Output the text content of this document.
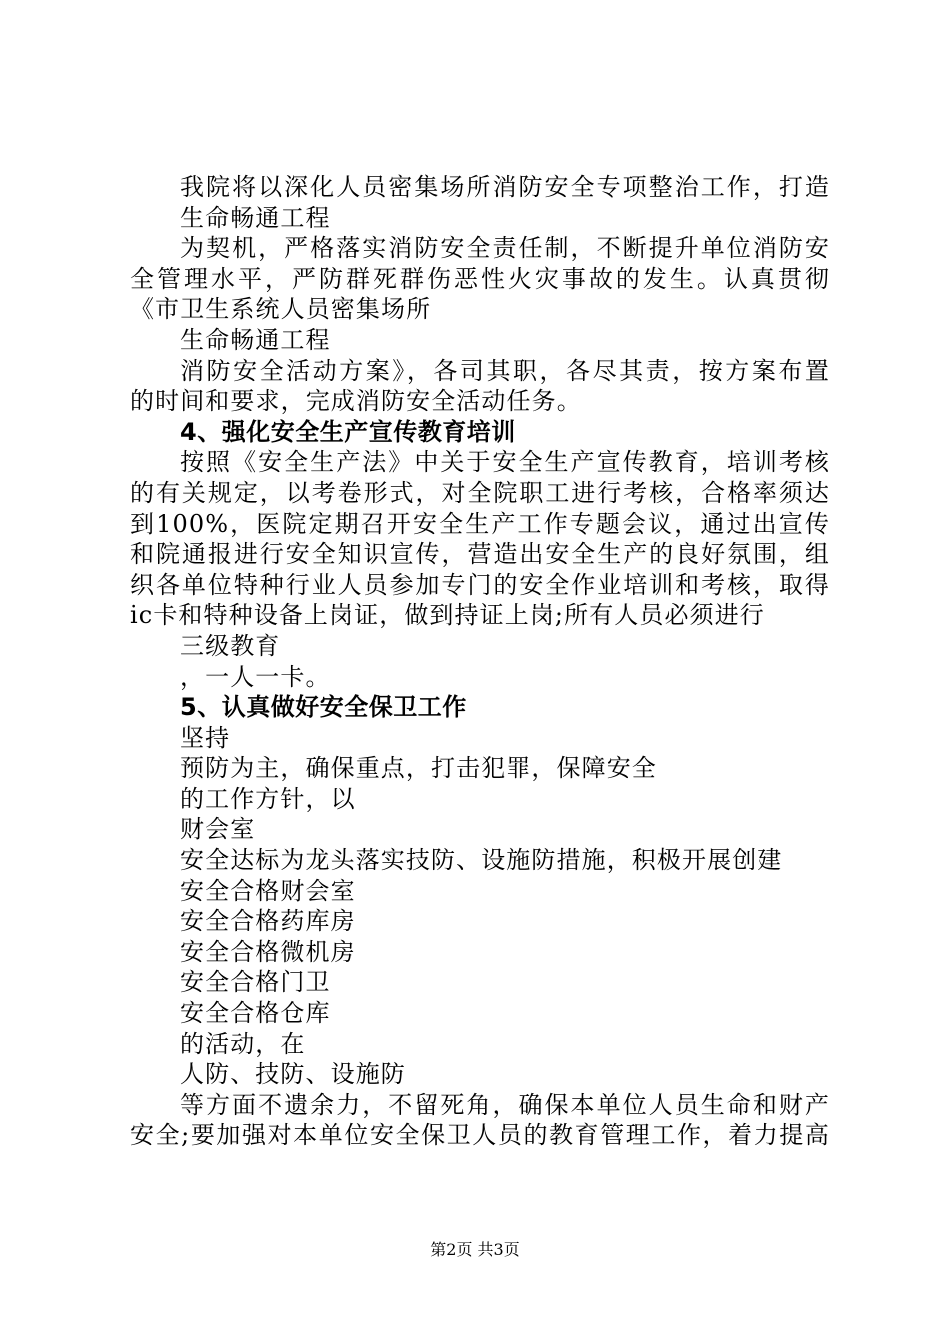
我院将以深化人员密集场所消防安全专项整治工作，打造
生命畅通工程
为契机，严格落实消防安全责任制，不断提升单位消防安
全管理水平，严防群死群伤恶性火灾事故的发生。认真贯彻
《市卫生系统人员密集场所
生命畅通工程
消防安全活动方案》，各司其职，各尽其责，按方案布置
的时间和要求，完成消防安全活动任务。
4、强化安全生产宣传教育培训
按照《安全生产法》中关于安全生产宣传教育，培训考核
的有关规定，以考卷形式，对全院职工进行考核，合格率须达
到100%，医院定期召开安全生产工作专题会议，通过出宣传
和院通报进行安全知识宣传，营造出安全生产的良好氛围，组
织各单位特种行业人员参加专门的安全作业培训和考核，取得
ic卡和特种设备上岗证，做到持证上岗;所有人员必须进行
三级教育
，一人一卡。
5、认真做好安全保卫工作
坚持
预防为主，确保重点，打击犯罪，保障安全
的工作方针，以
财会室
安全达标为龙头落实技防、设施防措施，积极开展创建
安全合格财会室
安全合格药库房
安全合格微机房
安全合格门卫
安全合格仓库
的活动，在
人防、技防、设施防
等方面不遗余力，不留死角，确保本单位人员生命和财产
安全;要加强对本单位安全保卫人员的教育管理工作，着力提高
第2页 共3页
